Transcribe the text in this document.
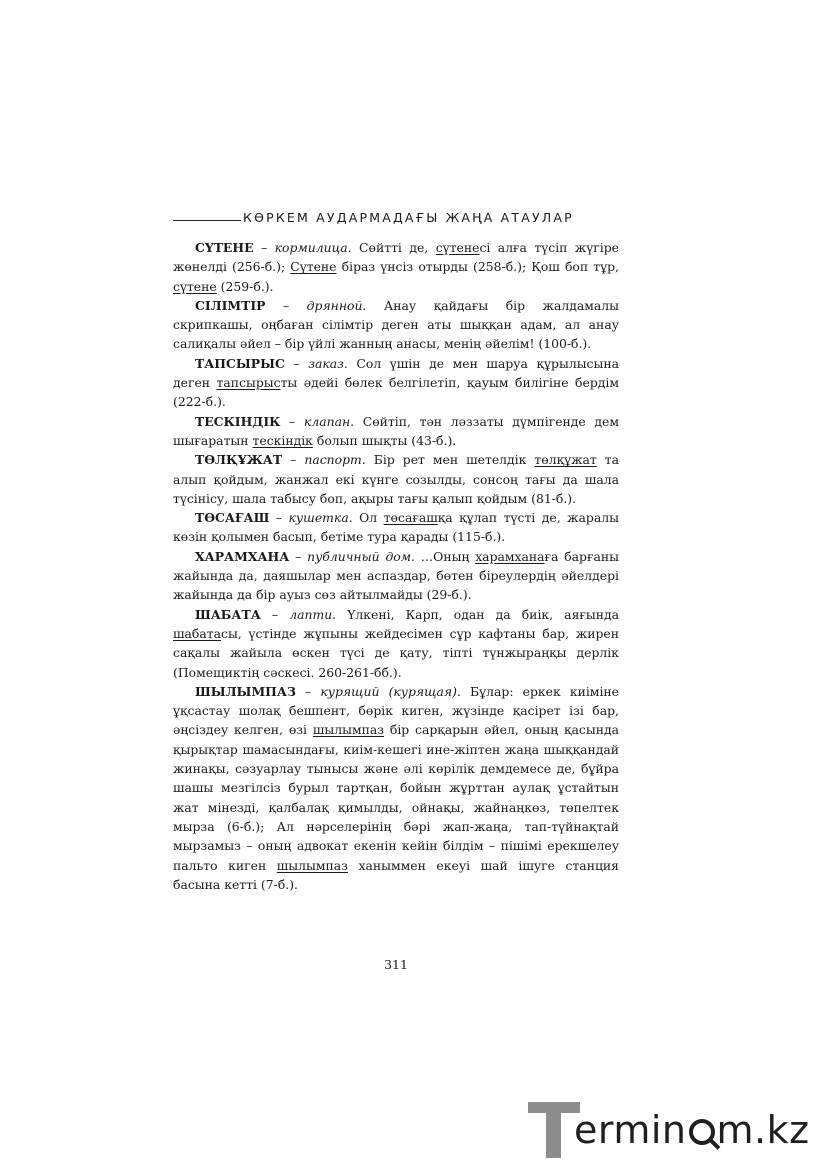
КӨРКЕМ АУДАРМАДАҒЫ ЖАҢА АТАУЛАР

СҮТЕНЕ – кормилица. Сөйтті де, сүтенесі алға түсіп жүгіре жөнелді (256-б.); Сүтене біраз үнсіз отырды (258-б.); Қош боп тұр, сүтене (259-б.).

СІЛІМТІР – дрянной. Анау қайдағы бір жалдамалы скрипкашы, оңбаған сілімтір деген аты шыққан адам, ал анау салиқалы әйел – бір үйлі жанның анасы, менің әйелім! (100-б.).

ТАПСЫРЫС – заказ. Сол үшін де мен шаруа құрылысына деген тапсырысты әдейі бөлек белгілетіп, қауым билігіне бердім (222-б.).

ТЕСКІНДІК – клапан. Сөйтіп, тән ләззаты дүмпігенде дем шығаратын тескіндік болып шықты (43-б.).

ТӨЛҚҰЖАТ – паспорт. Бір рет мен шетелдік төлқұжат та алып қойдым, жанжал екі күнге созылды, сонсоң тағы да шала түсінісу, шала табысу боп, ақыры тағы қалып қойдым (81-б.).

ТӨСАҒАШ – кушетка. Ол төсағашқа құлап түсті де, жаралы көзін қолымен басып, бетіме тура қарады (115-б.).

ХАРАМХАНА – публичный дом. …Оның харамханаға барғаны жайында да, даяшылар мен аспаздар, бөтен біреулердің әйелдері жайында да бір ауыз сөз айтылмайды (29-б.).

ШАБАТА – лапти. Үлкені, Карп, одан да биік, аяғында шабатасы, үстінде жұпыны жейдесімен сұр кафтаны бар, жирен сақалы жайыла өскен түсі де қату, тіпті түнжыраңқы дерлік (Помещиктің сәскесі. 260-261-бб.).

ШЫЛЫМПАЗ – курящий (курящая). Бұлар: еркек киіміне ұқсастау шолақ бешпент, бөрік киген, жүзінде қасірет ізі бар, әңсіздеу келген, өзі шылымпаз бір сарқарын әйел, оның қасында қырықтар шамасындағы, киім-кешегі ине-жіптен жаңа шыққандай жинақы, сәзуарлау тынысы және әлі көрілік демдемесе де, бұйра шашы мезгілсіз бурыл тартқан, бойын жұрттан аулақ ұстайтын жат мінезді, қалбалақ қимылды, ойнақы, жайнаңкөз, төпелтек мырза (6-б.); Ал нәрселерінің бәрі жап-жаңа, тап-түйнақтай мырзамыз – оның адвокат екенін кейін білдім – пішімі ерекшелеу пальто киген шылымпаз ханыммен екеуі шай ішуге станция басына кетті (7-б.).

311
ermin m.kz
